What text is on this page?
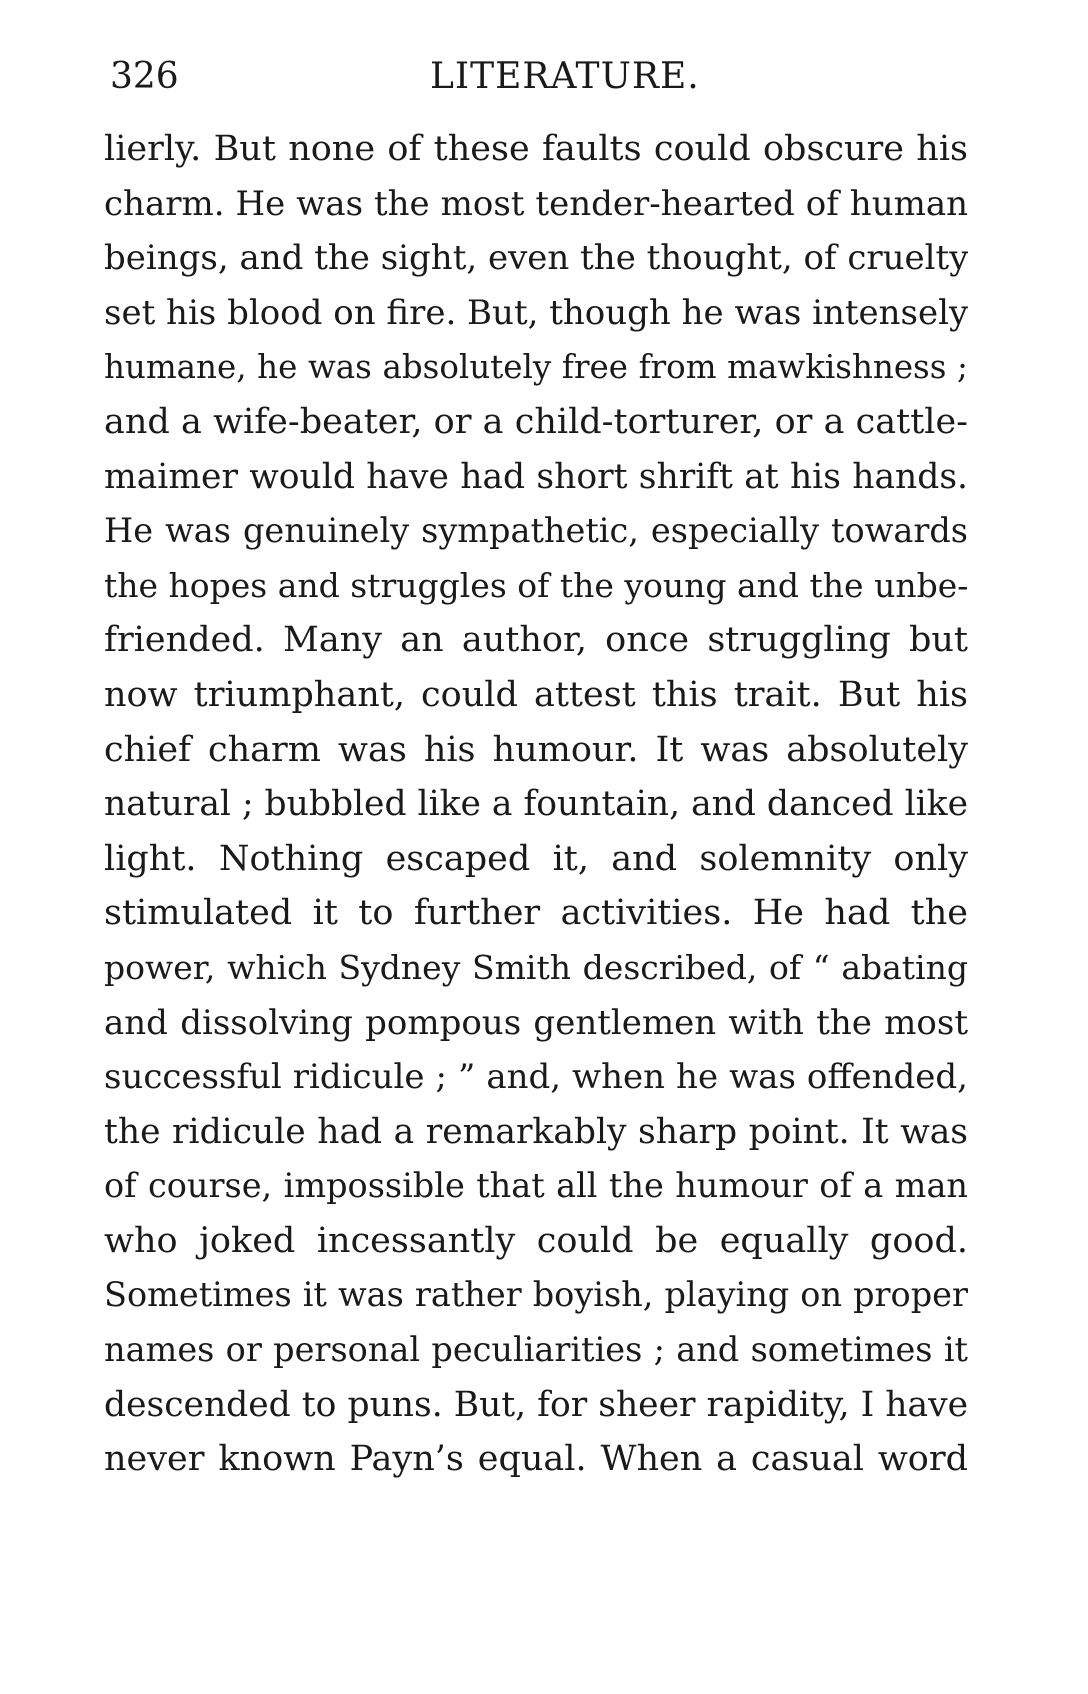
326	LITERATURE.
lierly. But none of these faults could obscure his
charm. He was the most tender-hearted of human
beings, and the sight, even the thought, of cruelty
set his blood on fire. But, though he was intensely
humane, he was absolutely free from mawkishness ;
and a wife-beater, or a child-torturer, or a cattle-
maimer would have had short shrift at his hands.
He was genuinely sympathetic, especially towards
the hopes and struggles of the young and the unbe-
friended. Many an author, once struggling but
now triumphant, could attest this trait. But his
chief charm was his humour. It was absolutely
natural ; bubbled like a fountain, and danced like
light. Nothing escaped it, and solemnity only
stimulated it to further activities. He had the
power, which Sydney Smith described, of “ abating
and dissolving pompous gentlemen with the most
successful ridicule ; ” and, when he was offended,
the ridicule had a remarkably sharp point. It was
of course, impossible that all the humour of a man
who joked incessantly could be equally good.
Sometimes it was rather boyish, playing on proper
names or personal peculiarities ; and sometimes it
descended to puns. But, for sheer rapidity, I have
never known Payn’s equal. When a casual word
